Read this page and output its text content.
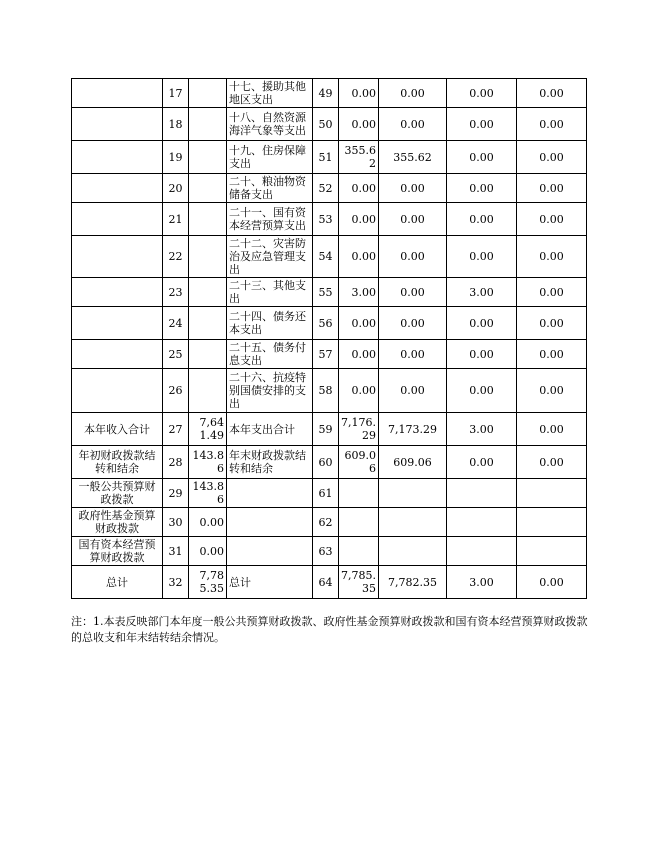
	17		十七、援助其他地区支出	49	0.00	0.00	0.00	0.00
	18		十八、自然资源海洋气象等支出	50	0.00	0.00	0.00	0.00
	19		十九、住房保障支出	51	355.62	355.62	0.00	0.00
	20		二十、粮油物资储备支出	52	0.00	0.00	0.00	0.00
	21		二十一、国有资本经营预算支出	53	0.00	0.00	0.00	0.00
	22		二十二、灾害防治及应急管理支出	54	0.00	0.00	0.00	0.00
	23		二十三、其他支出	55	3.00	0.00	3.00	0.00
	24		二十四、债务还本支出	56	0.00	0.00	0.00	0.00
	25		二十五、债务付息支出	57	0.00	0.00	0.00	0.00
	26		二十六、抗疫特别国债安排的支出	58	0.00	0.00	0.00	0.00
本年收入合计	27	7,641.49	本年支出合计	59	7,176.29	7,173.29	3.00	0.00
年初财政拨款结转和结余	28	143.86	年末财政拨款结转和结余	60	609.06	609.06	0.00	0.00
一般公共预算财政拨款	29	143.86		61				
政府性基金预算财政拨款	30	0.00		62				
国有资本经营预算财政拨款	31	0.00		63				
总计	32	7,785.35	总计	64	7,785.35	7,782.35	3.00	0.00
注：1.本表反映部门本年度一般公共预算财政拨款、政府性基金预算财政拨款和国有资本经营预算财政拨款的总收支和年末结转结余情况。
